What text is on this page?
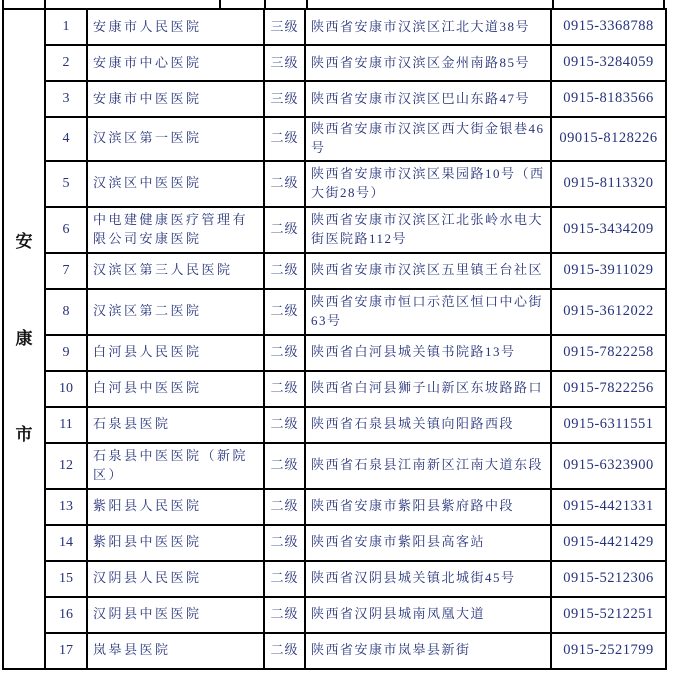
安
康
市	1	安康市人民医院	三级	陕西省安康市汉滨区江北大道38号	0915-3368788
	2	安康市中心医院	三级	陕西省安康市汉滨区金州南路85号	0915-3284059
	3	安康市中医医院	三级	陕西省安康市汉滨区巴山东路47号	0915-8183566
	4	汉滨区第一医院	二级	陕西省安康市汉滨区西大街金银巷46号	09015-8128226
	5	汉滨区中医医院	二级	陕西省安康市汉滨区果园路10号（西大街28号）	0915-8113320
	6	中电建健康医疗管理有限公司安康医院	二级	陕西省安康市汉滨区江北张岭水电大街医院路112号	0915-3434209
	7	汉滨区第三人民医院	二级	陕西省安康市汉滨区五里镇王台社区	0915-3911029
	8	汉滨区第二医院	二级	陕西省安康市恒口示范区恒口中心街63号	0915-3612022
	9	白河县人民医院	二级	陕西省白河县城关镇书院路13号	0915-7822258
	10	白河县中医医院	二级	陕西省白河县狮子山新区东坡路路口	0915-7822256
	11	石泉县医院	二级	陕西省石泉县城关镇向阳路西段	0915-6311551
	12	石泉县中医医院（新院区）	二级	陕西省石泉县江南新区江南大道东段	0915-6323900
	13	紫阳县人民医院	二级	陕西省安康市紫阳县紫府路中段	0915-4421331
	14	紫阳县中医医院	二级	陕西省安康市紫阳县高客站	0915-4421429
	15	汉阴县人民医院	二级	陕西省汉阴县城关镇北城街45号	0915-5212306
	16	汉阴县中医医院	二级	陕西省汉阴县城南凤凰大道	0915-5212251
	17	岚皋县医院	二级	陕西省安康市岚皋县新街	0915-2521799
